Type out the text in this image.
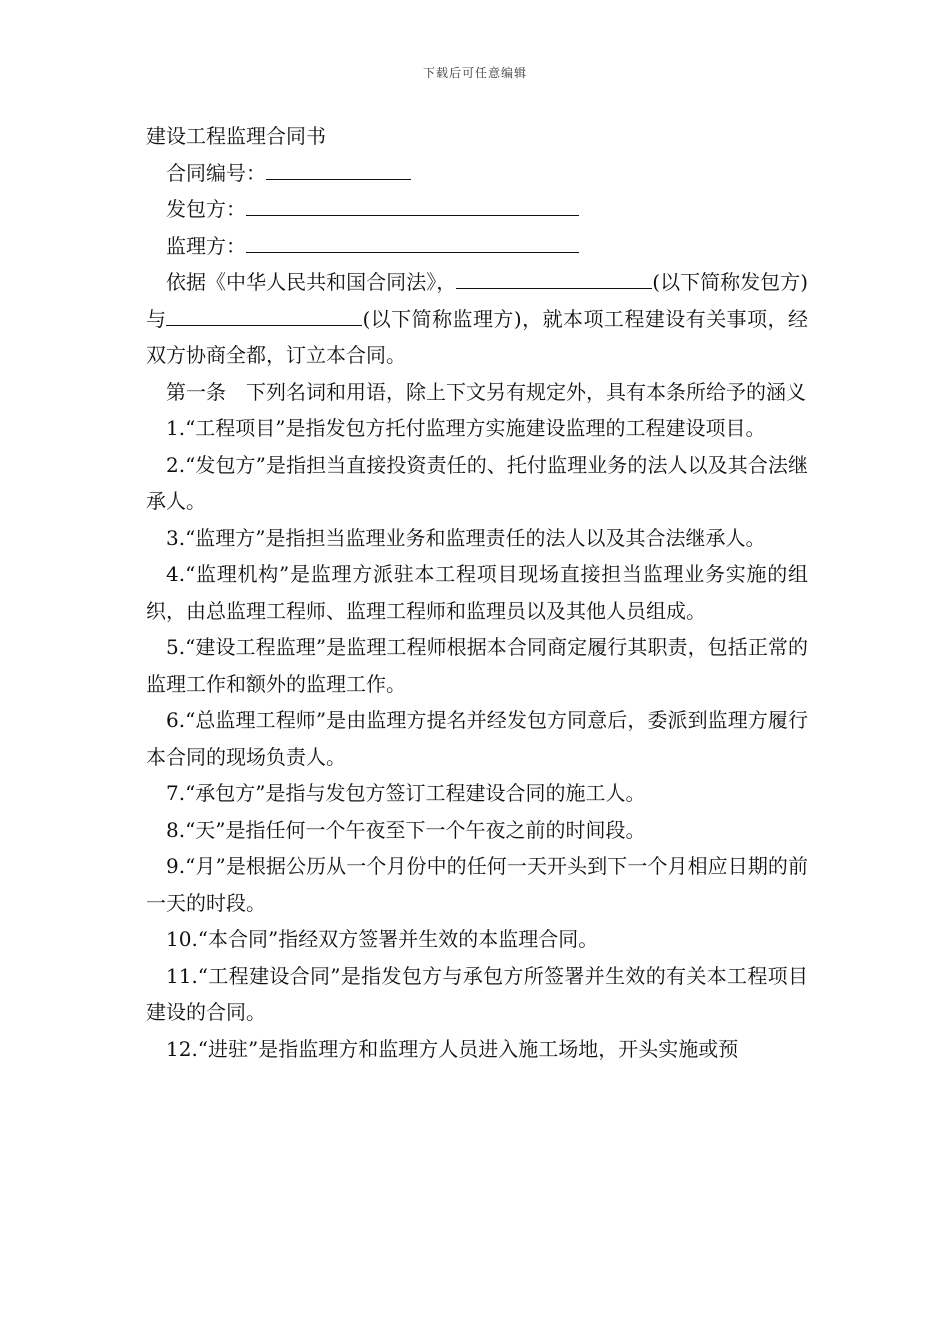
下载后可任意编辑

建设工程监理合同书

合同编号：

发包方：

监理方：

依据《中华人民共和国合同法》，	(以下简称发包方)与	(以下简称监理方)，就本项工程建设有关事项，经双方协商全都，订立本合同。

第一条　下列名词和用语，除上下文另有规定外，具有本条所给予的涵义

1.“工程项目”是指发包方托付监理方实施建设监理的工程建设项目。

2.“发包方”是指担当直接投资责任的、托付监理业务的法人以及其合法继承人。

3.“监理方”是指担当监理业务和监理责任的法人以及其合法继承人。

4.“监理机构”是监理方派驻本工程项目现场直接担当监理业务实施的组织，由总监理工程师、监理工程师和监理员以及其他人员组成。

5.“建设工程监理”是监理工程师根据本合同商定履行其职责，包括正常的监理工作和额外的监理工作。

6.“总监理工程师”是由监理方提名并经发包方同意后，委派到监理方履行本合同的现场负责人。

7.“承包方”是指与发包方签订工程建设合同的施工人。

8.“天”是指任何一个午夜至下一个午夜之前的时间段。

9.“月”是根据公历从一个月份中的任何一天开头到下一个月相应日期的前一天的时段。

10.“本合同”指经双方签署并生效的本监理合同。

11.“工程建设合同”是指发包方与承包方所签署并生效的有关本工程项目建设的合同。

12.“进驻”是指监理方和监理方人员进入施工场地，开头实施或预
